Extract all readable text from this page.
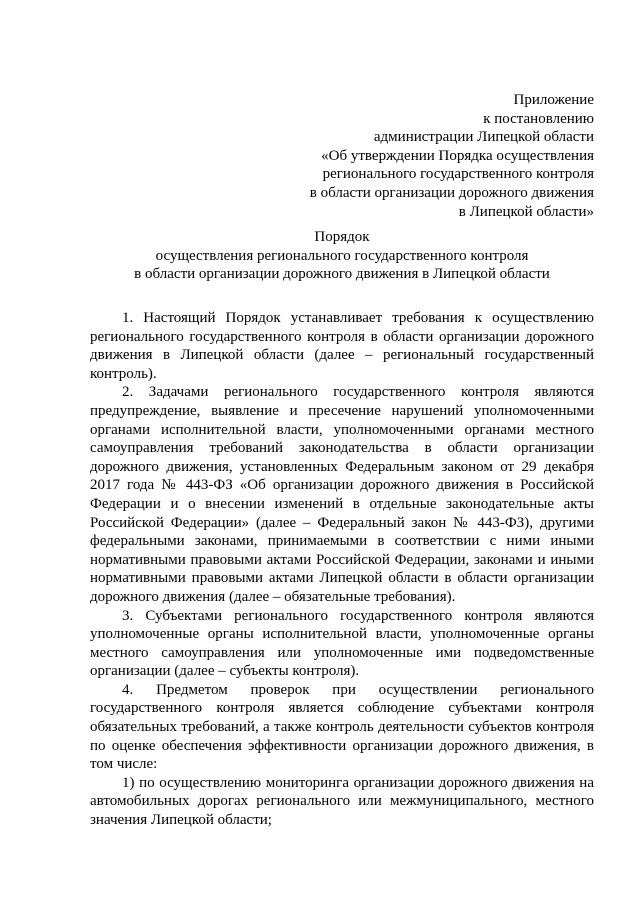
Приложение
к постановлению
администрации Липецкой области
«Об утверждении Порядка осуществления
регионального государственного контроля
в области организации дорожного движения
в Липецкой области»
Порядок
осуществления регионального государственного контроля
в области организации дорожного движения в Липецкой области

1. Настоящий Порядок устанавливает требования к осуществлению регионального государственного контроля в области организации дорожного движения в Липецкой области (далее – региональный государственный контроль).

2. Задачами регионального государственного контроля являются предупреждение, выявление и пресечение нарушений уполномоченными органами исполнительной власти, уполномоченными органами местного самоуправления требований законодательства в области организации дорожного движения, установленных Федеральным законом от 29 декабря 2017 года № 443-ФЗ «Об организации дорожного движения в Российской Федерации и о внесении изменений в отдельные законодательные акты Российской Федерации» (далее – Федеральный закон № 443-ФЗ), другими федеральными законами, принимаемыми в соответствии с ними иными нормативными правовыми актами Российской Федерации, законами и иными нормативными правовыми актами Липецкой области в области организации дорожного движения (далее – обязательные требования).

3. Субъектами регионального государственного контроля являются уполномоченные органы исполнительной власти, уполномоченные органы местного самоуправления или уполномоченные ими подведомственные организации (далее – субъекты контроля).

4. Предметом проверок при осуществлении регионального государственного контроля является соблюдение субъектами контроля обязательных требований, а также контроль деятельности субъектов контроля по оценке обеспечения эффективности организации дорожного движения, в том числе:

1) по осуществлению мониторинга организации дорожного движения на автомобильных дорогах регионального или межмуниципального, местного значения Липецкой области;
